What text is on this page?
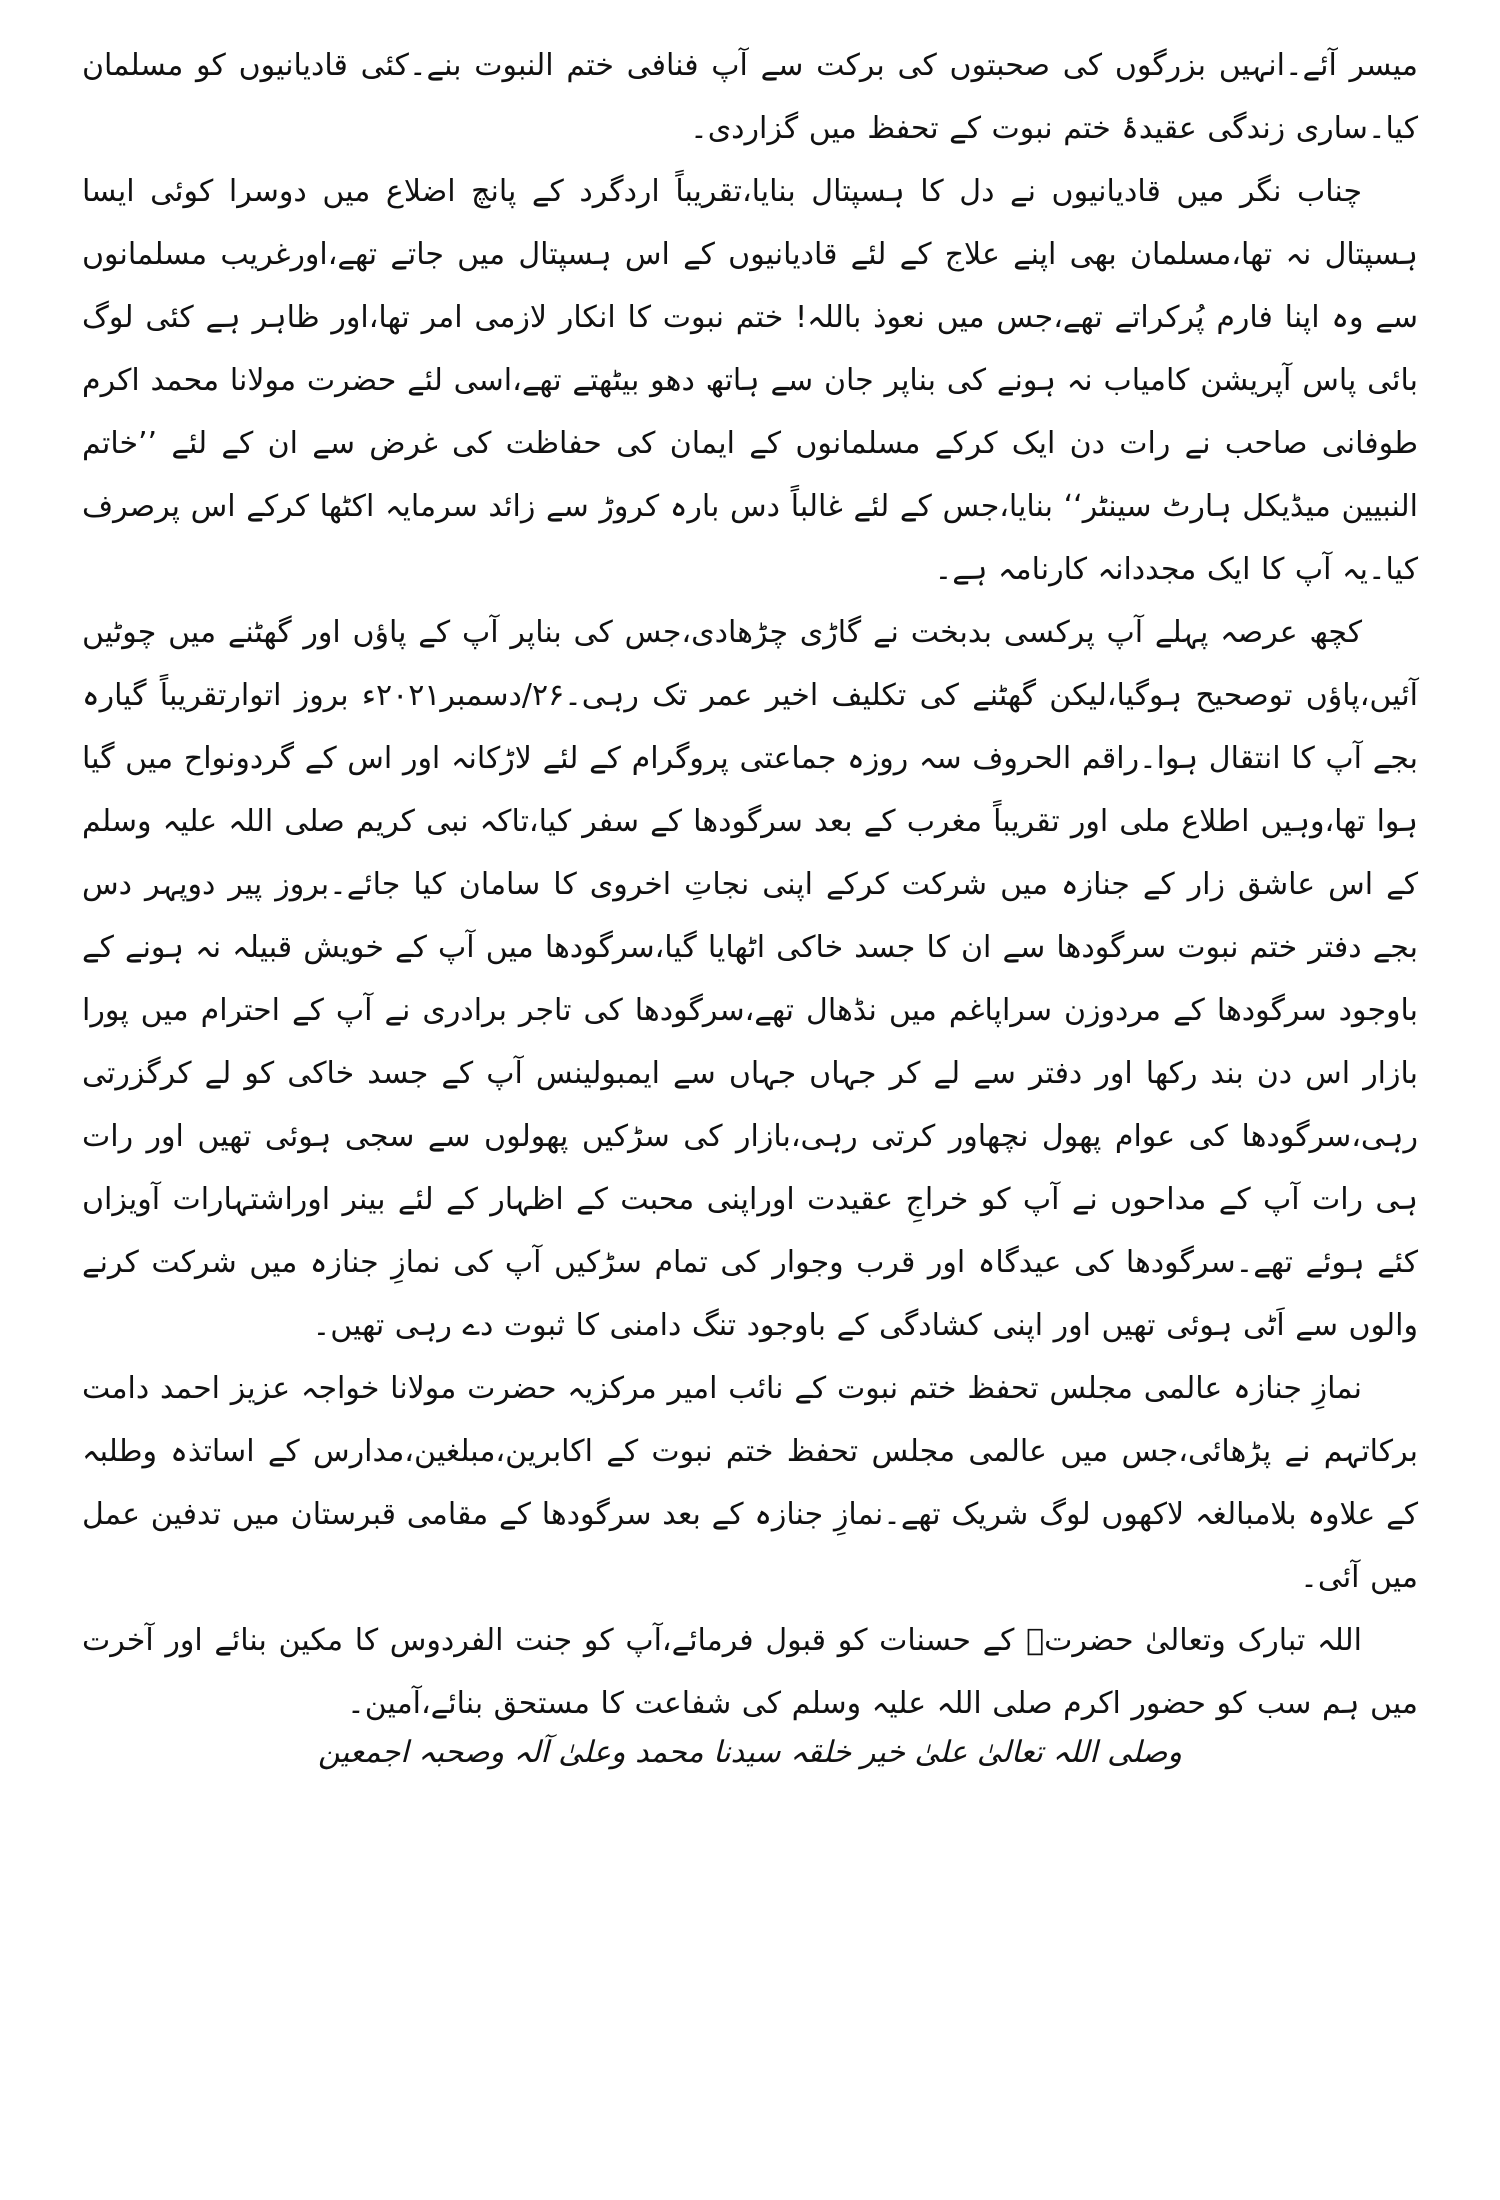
میسر آئے۔انہیں بزرگوں کی صحبتوں کی برکت سے آپ فنافی ختم النبوت بنے۔کئی قادیانیوں کو مسلمان کیا۔ساری زندگی عقیدۂ ختم نبوت کے تحفظ میں گزاردی۔

چناب نگر میں قادیانیوں نے دل کا ہسپتال بنایا،تقریباً اردگرد کے پانچ اضلاع میں دوسرا کوئی ایسا ہسپتال نہ تھا،مسلمان بھی اپنے علاج کے لئے قادیانیوں کے اس ہسپتال میں جاتے تھے،اورغریب مسلمانوں سے وہ اپنا فارم پُرکراتے تھے،جس میں نعوذ باللہ! ختم نبوت کا انکار لازمی امر تھا،اور ظاہر ہے کئی لوگ بائی پاس آپریشن کامیاب نہ ہونے کی بناپر جان سے ہاتھ دھو بیٹھتے تھے،اسی لئے حضرت مولانا محمد اکرم طوفانی صاحب نے رات دن ایک کرکے مسلمانوں کے ایمان کی حفاظت کی غرض سے ان کے لئے ’’خاتم النبیین میڈیکل ہارٹ سینٹر‘‘ بنایا،جس کے لئے غالباً دس بارہ کروڑ سے زائد سرمایہ اکٹھا کرکے اس پرصرف کیا۔یہ آپ کا ایک مجددانہ کارنامہ ہے۔

کچھ عرصہ پہلے آپ پرکسی بدبخت نے گاڑی چڑھادی،جس کی بناپر آپ کے پاؤں اور گھٹنے میں چوٹیں آئیں،پاؤں توصحیح ہوگیا،لیکن گھٹنے کی تکلیف اخیر عمر تک رہی۔۲۶/دسمبر۲۰۲۱ء بروز اتوارتقریباً گیارہ بجے آپ کا انتقال ہوا۔راقم الحروف سہ روزہ جماعتی پروگرام کے لئے لاڑکانہ اور اس کے گردونواح میں گیا ہوا تھا،وہیں اطلاع ملی اور تقریباً مغرب کے بعد سرگودھا کے سفر کیا،تاکہ نبی کریم صلی اللہ علیہ وسلم کے اس عاشق زار کے جنازہ میں شرکت کرکے اپنی نجاتِ اخروی کا سامان کیا جائے۔بروز پیر دوپہر دس بجے دفتر ختم نبوت سرگودھا سے ان کا جسد خاکی اٹھایا گیا،سرگودھا میں آپ کے خویش قبیلہ نہ ہونے کے باوجود سرگودھا کے مردوزن سراپاغم میں نڈھال تھے،سرگودھا کی تاجر برادری نے آپ کے احترام میں پورا بازار اس دن بند رکھا اور دفتر سے لے کر جہاں جہاں سے ایمبولینس آپ کے جسد خاکی کو لے کرگزرتی رہی،سرگودھا کی عوام پھول نچھاور کرتی رہی،بازار کی سڑکیں پھولوں سے سجی ہوئی تھیں اور رات ہی رات آپ کے مداحوں نے آپ کو خراجِ عقیدت اوراپنی محبت کے اظہار کے لئے بینر اوراشتہارات آویزاں کئے ہوئے تھے۔سرگودھا کی عیدگاہ اور قرب وجوار کی تمام سڑکیں آپ کی نمازِ جنازہ میں شرکت کرنے والوں سے اَٹی ہوئی تھیں اور اپنی کشادگی کے باوجود تنگ دامنی کا ثبوت دے رہی تھیں۔

نمازِ جنازہ عالمی مجلس تحفظ ختم نبوت کے نائب امیر مرکزیہ حضرت مولانا خواجہ عزیز احمد دامت برکاتہم نے پڑھائی،جس میں عالمی مجلس تحفظ ختم نبوت کے اکابرین،مبلغین،مدارس کے اساتذہ وطلبہ کے علاوہ بلامبالغہ لاکھوں لوگ شریک تھے۔نمازِ جنازہ کے بعد سرگودھا کے مقامی قبرستان میں تدفین عمل میں آئی۔

اللہ تبارک وتعالیٰ حضرتؒ کے حسنات کو قبول فرمائے،آپ کو جنت الفردوس کا مکین بنائے اور آخرت میں ہم سب کو حضور اکرم صلی اللہ علیہ وسلم کی شفاعت کا مستحق بنائے،آمین۔

وصلی اللہ تعالیٰ علیٰ خیر خلقہ سیدنا محمد وعلیٰ آلہ وصحبہ اجمعین
